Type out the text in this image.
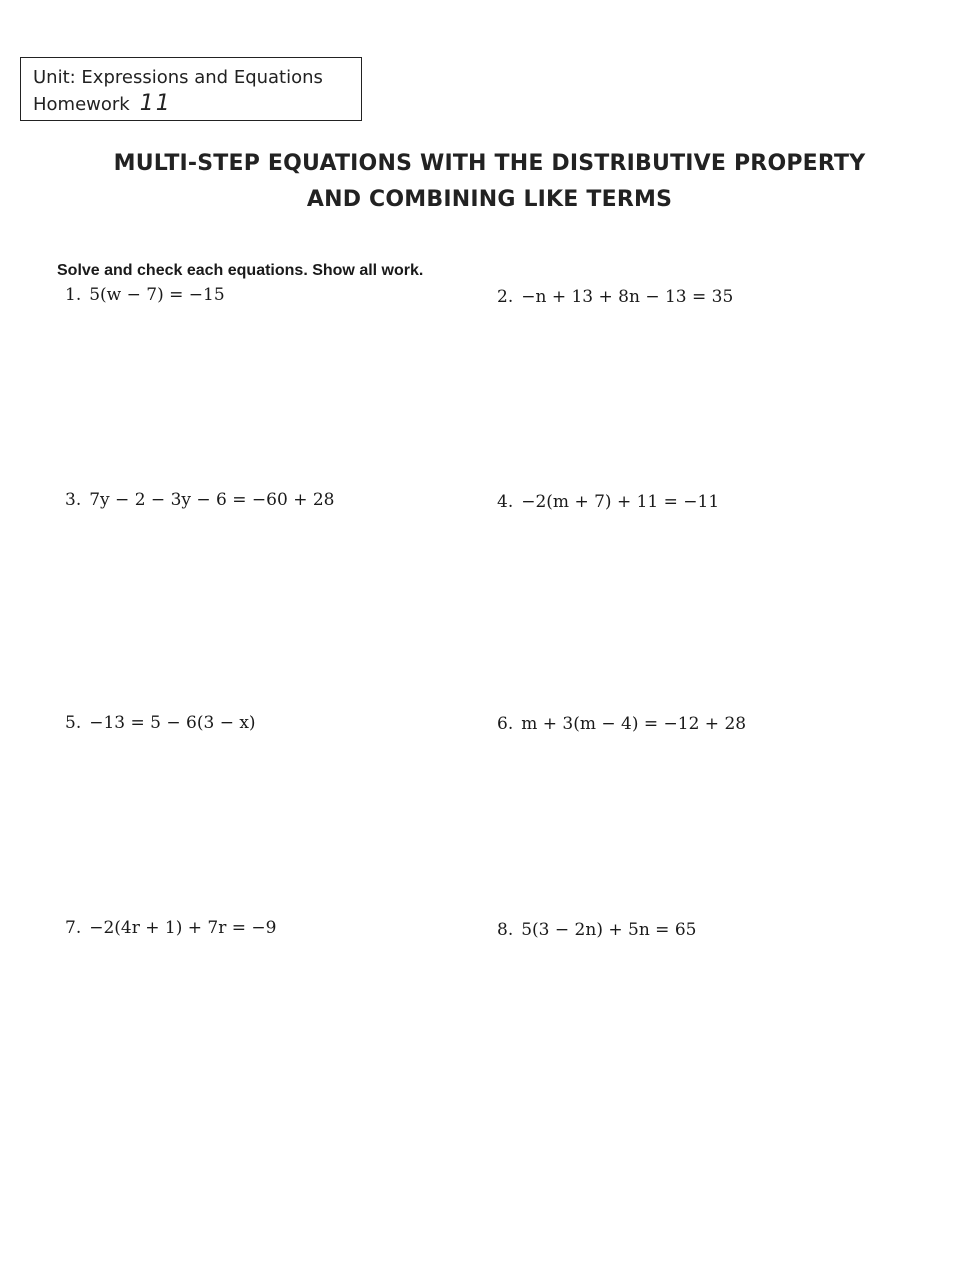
Unit: Expressions and Equations
Homework 11
MULTI-STEP EQUATIONS WITH THE DISTRIBUTIVE PROPERTY
AND COMBINING LIKE TERMS
Solve and check each equations. Show all work.
1. 5(w − 7) = −15	2. −n + 13 + 8n − 13 = 35
3. 7y − 2 − 3y − 6 = −60 + 28	4. −2(m + 7) + 11 = −11
5. −13 = 5 − 6(3 − x)	6. m + 3(m − 4) = −12 + 28
7. −2(4r + 1) + 7r = −9	8. 5(3 − 2n) + 5n = 65
